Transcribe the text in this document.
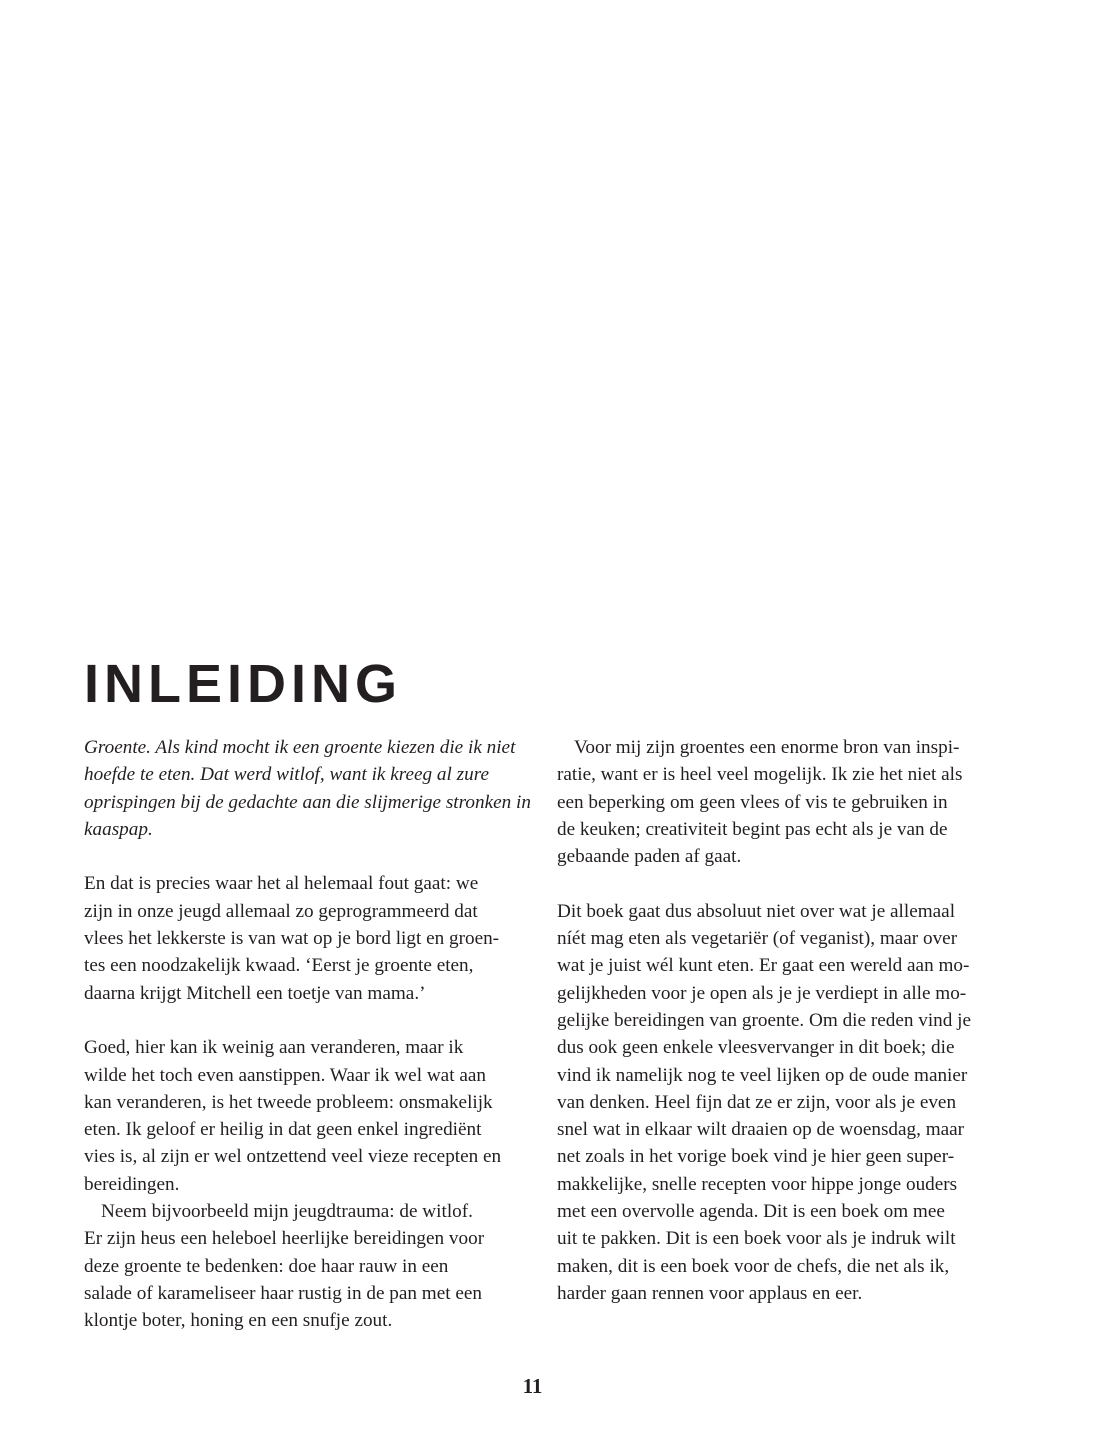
INLEIDING

Groente. Als kind mocht ik een groente kiezen die ik niet
hoefde te eten. Dat werd witlof, want ik kreeg al zure
oprispingen bij de gedachte aan die slijmerige stronken in
kaaspap.

En dat is precies waar het al helemaal fout gaat: we
zijn in onze jeugd allemaal zo geprogrammeerd dat
vlees het lekkerste is van wat op je bord ligt en groen-
tes een noodzakelijk kwaad. ‘Eerst je groente eten,
daarna krijgt Mitchell een toetje van mama.’

Goed, hier kan ik weinig aan veranderen, maar ik
wilde het toch even aanstippen. Waar ik wel wat aan
kan veranderen, is het tweede probleem: onsmakelijk
eten. Ik geloof er heilig in dat geen enkel ingrediënt
vies is, al zijn er wel ontzettend veel vieze recepten en
bereidingen.

Neem bijvoorbeeld mijn jeugdtrauma: de witlof.
Er zijn heus een heleboel heerlijke bereidingen voor
deze groente te bedenken: doe haar rauw in een
salade of karameliseer haar rustig in de pan met een
klontje boter, honing en een snufje zout.

Voor mij zijn groentes een enorme bron van inspi-
ratie, want er is heel veel mogelijk. Ik zie het niet als
een beperking om geen vlees of vis te gebruiken in
de keuken; creativiteit begint pas echt als je van de
gebaande paden af gaat.

Dit boek gaat dus absoluut niet over wat je allemaal
níét mag eten als vegetariër (of veganist), maar over
wat je juist wél kunt eten. Er gaat een wereld aan mo-
gelijkheden voor je open als je je verdiept in alle mo-
gelijke bereidingen van groente. Om die reden vind je
dus ook geen enkele vleesvervanger in dit boek; die
vind ik namelijk nog te veel lijken op de oude manier
van denken. Heel fijn dat ze er zijn, voor als je even
snel wat in elkaar wilt draaien op de woensdag, maar
net zoals in het vorige boek vind je hier geen super-
makkelijke, snelle recepten voor hippe jonge ouders
met een overvolle agenda. Dit is een boek om mee
uit te pakken. Dit is een boek voor als je indruk wilt
maken, dit is een boek voor de chefs, die net als ik,
harder gaan rennen voor applaus en eer.

11
